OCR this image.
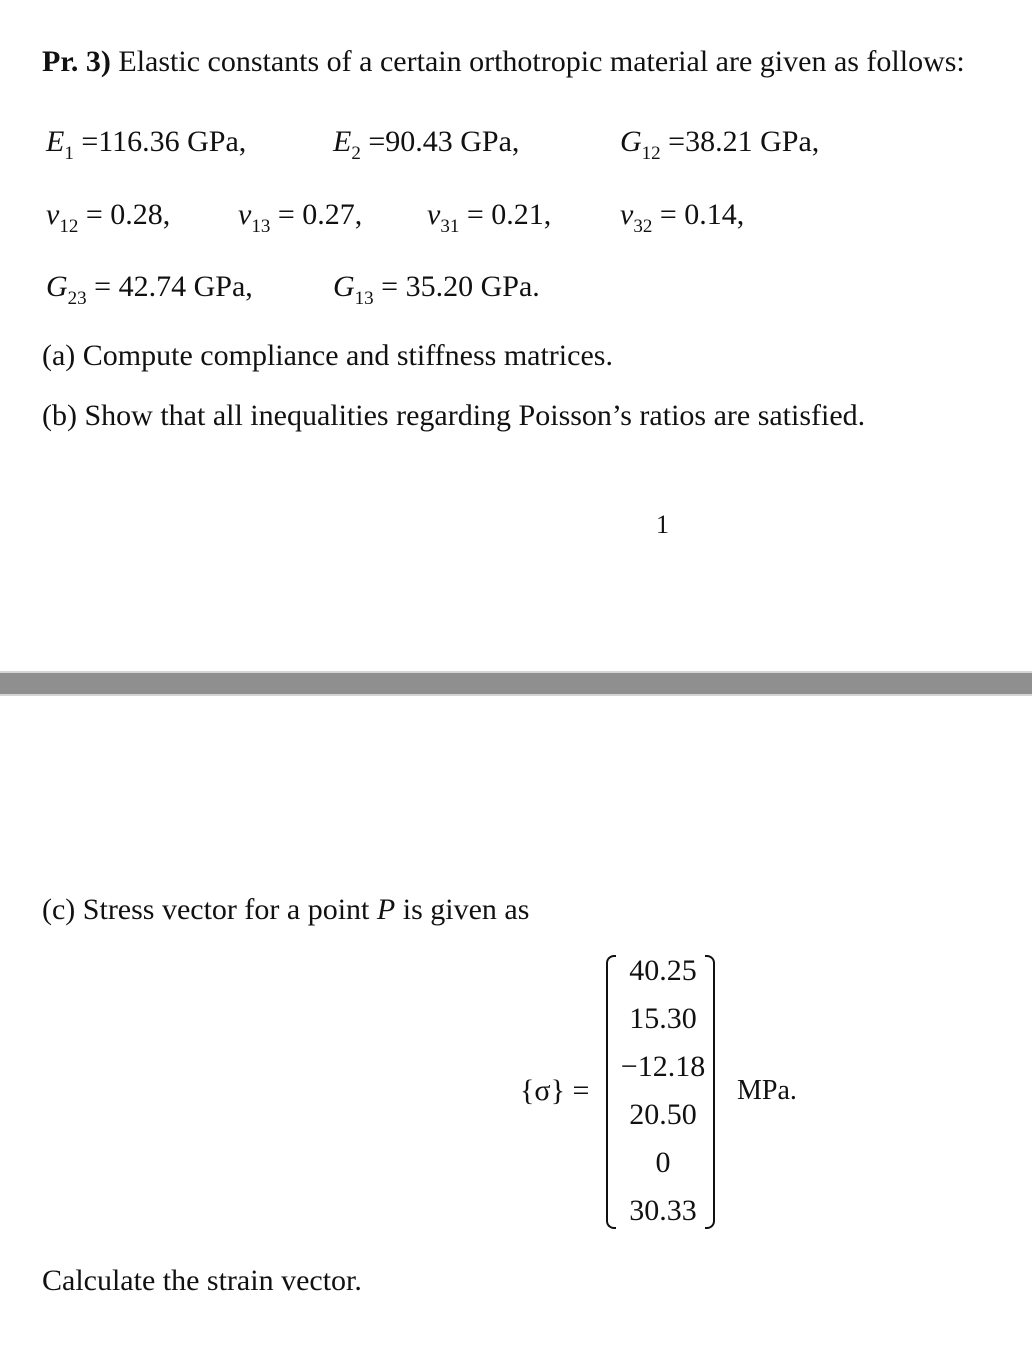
Pr. 3) Elastic constants of a certain orthotropic material are given as follows:
$E_1 =116.36$ GPa,	$E_2 =90.43$ GPa,	$G_{12} =38.21$ GPa,
$\nu_{12} = 0.28$, $\nu_{13} = 0.27$, $\nu_{31} = 0.21$, $\nu_{32} = 0.14$,
$G_{23} = 42.74$ GPa,	$G_{13} = 35.20$ GPa.
(a) Compute compliance and stiffness matrices.
(b) Show that all inequalities regarding Poisson’s ratios are satisfied.
1
(c) Stress vector for a point P is given as
{σ} =
40.25
15.30
−12.18
20.50
0
30.33
MPa.
Calculate the strain vector.
